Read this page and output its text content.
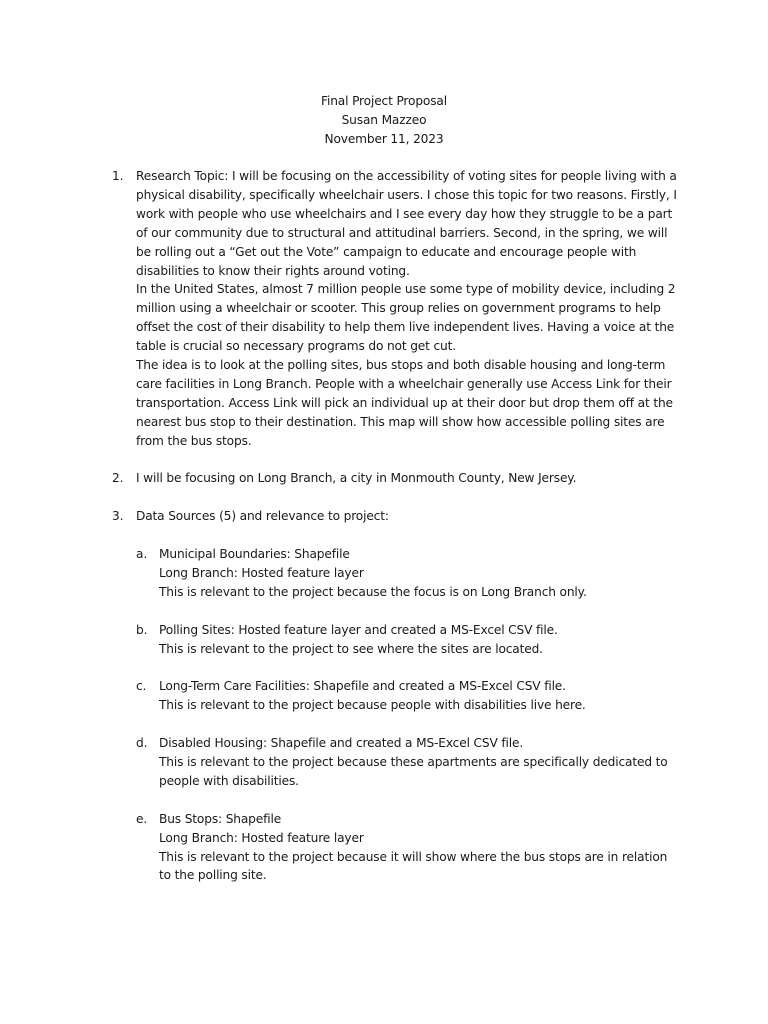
Final Project Proposal
Susan Mazzeo
November 11, 2023
1. Research Topic: I will be focusing on the accessibility of voting sites for people living with a physical disability, specifically wheelchair users. I chose this topic for two reasons. Firstly, I work with people who use wheelchairs and I see every day how they struggle to be a part of our community due to structural and attitudinal barriers. Second, in the spring, we will be rolling out a “Get out the Vote” campaign to educate and encourage people with disabilities to know their rights around voting.

In the United States, almost 7 million people use some type of mobility device, including 2 million using a wheelchair or scooter. This group relies on government programs to help offset the cost of their disability to help them live independent lives. Having a voice at the table is crucial so necessary programs do not get cut.

The idea is to look at the polling sites, bus stops and both disable housing and long-term care facilities in Long Branch. People with a wheelchair generally use Access Link for their transportation. Access Link will pick an individual up at their door but drop them off at the nearest bus stop to their destination. This map will show how accessible polling sites are from the bus stops.

2. I will be focusing on Long Branch, a city in Monmouth County, New Jersey.

3. Data Sources (5) and relevance to project:

a. Municipal Boundaries: Shapefile

Long Branch: Hosted feature layer

This is relevant to the project because the focus is on Long Branch only.

b. Polling Sites: Hosted feature layer and created a MS-Excel CSV file.

This is relevant to the project to see where the sites are located.

c. Long-Term Care Facilities: Shapefile and created a MS-Excel CSV file.

This is relevant to the project because people with disabilities live here.

d. Disabled Housing: Shapefile and created a MS-Excel CSV file.

This is relevant to the project because these apartments are specifically dedicated to people with disabilities.

e. Bus Stops: Shapefile

Long Branch: Hosted feature layer

This is relevant to the project because it will show where the bus stops are in relation to the polling site.
